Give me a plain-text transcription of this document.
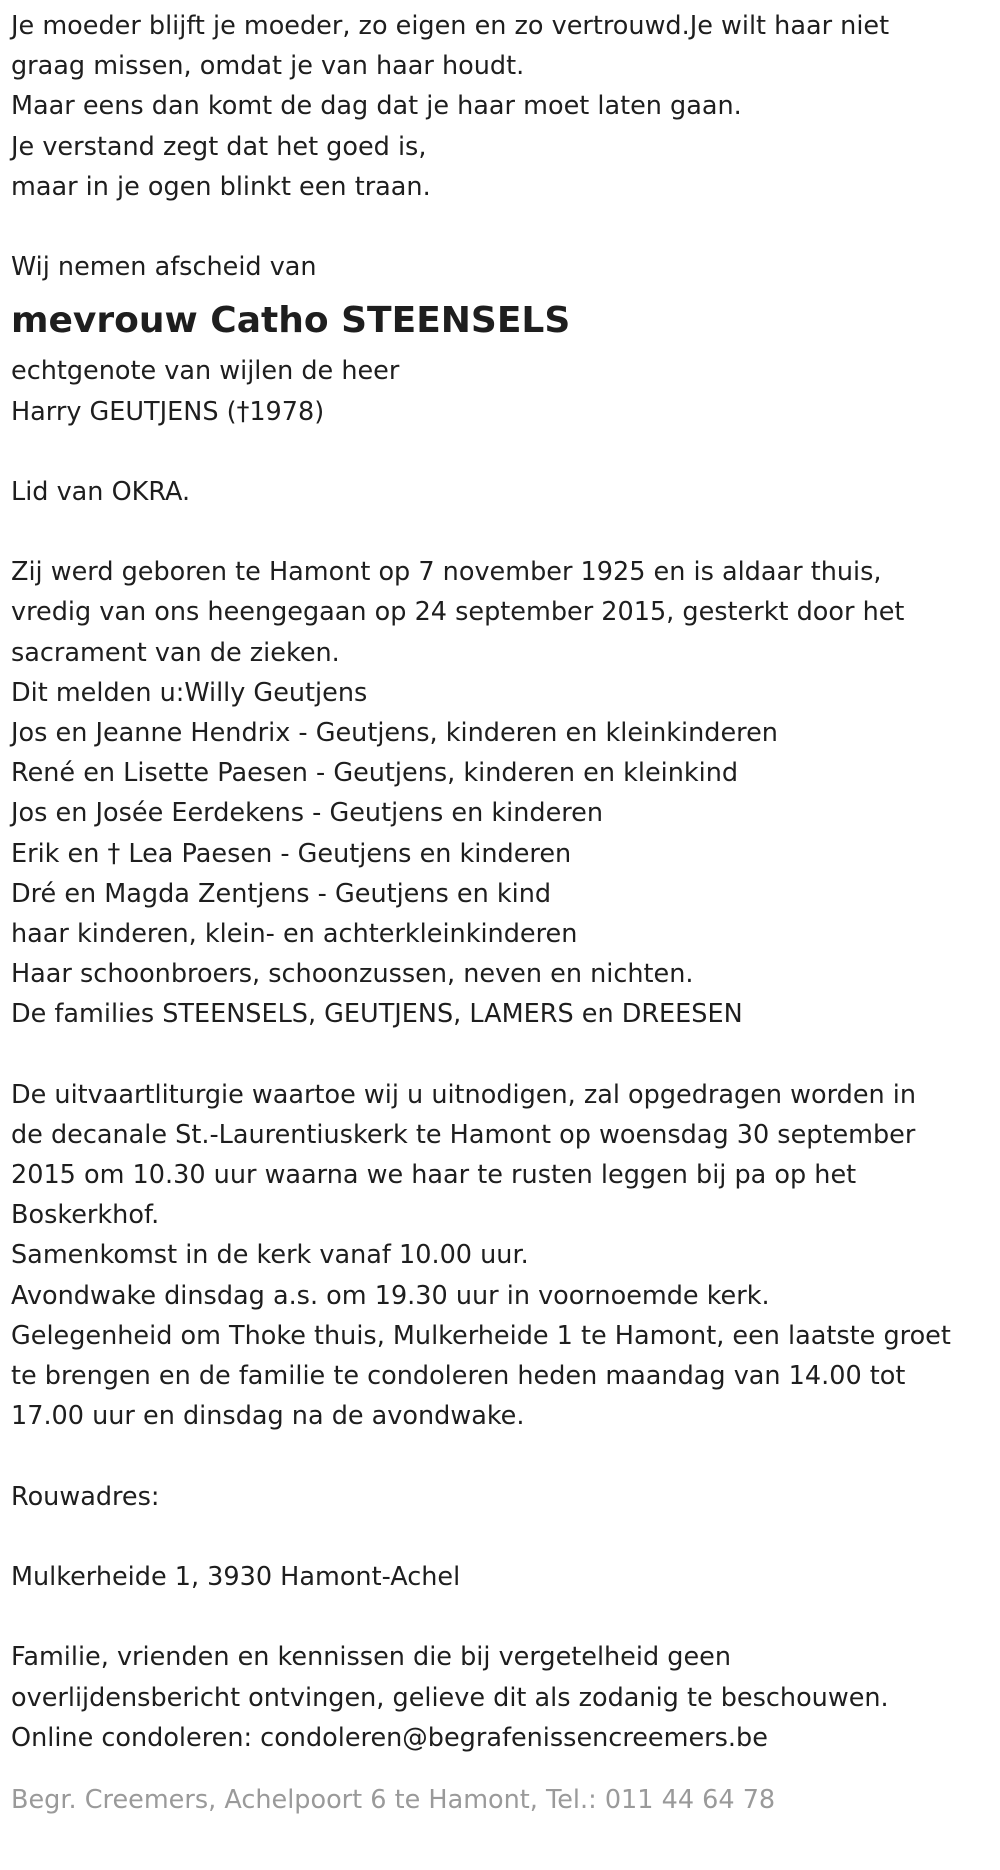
Je moeder blijft je moeder, zo eigen en zo vertrouwd.Je wilt haar niet
graag missen, omdat je van haar houdt.
Maar eens dan komt de dag dat je haar moet laten gaan.
Je verstand zegt dat het goed is,
maar in je ogen blinkt een traan.
Wij nemen afscheid van
mevrouw Catho STEENSELS
echtgenote van wijlen de heer
Harry GEUTJENS (†1978)
Lid van OKRA.
Zij werd geboren te Hamont op 7 november 1925 en is aldaar thuis,
vredig van ons heengegaan op 24 september 2015, gesterkt door het
sacrament van de zieken.
Dit melden u:Willy Geutjens
Jos en Jeanne Hendrix - Geutjens, kinderen en kleinkinderen
René en Lisette Paesen - Geutjens, kinderen en kleinkind
Jos en Josée Eerdekens - Geutjens en kinderen
Erik en † Lea Paesen - Geutjens en kinderen
Dré en Magda Zentjens - Geutjens en kind
haar kinderen, klein- en achterkleinkinderen
Haar schoonbroers, schoonzussen, neven en nichten.
De families STEENSELS, GEUTJENS, LAMERS en DREESEN
De uitvaartliturgie waartoe wij u uitnodigen, zal opgedragen worden in
de decanale St.-Laurentiuskerk te Hamont op woensdag 30 september
2015 om 10.30 uur waarna we haar te rusten leggen bij pa op het
Boskerkhof.
Samenkomst in de kerk vanaf 10.00 uur.
Avondwake dinsdag a.s. om 19.30 uur in voornoemde kerk.
Gelegenheid om Thoke thuis, Mulkerheide 1 te Hamont, een laatste groet
te brengen en de familie te condoleren heden maandag van 14.00 tot
17.00 uur en dinsdag na de avondwake.
Rouwadres:
Mulkerheide 1, 3930 Hamont-Achel
Familie, vrienden en kennissen die bij vergetelheid geen
overlijdensbericht ontvingen, gelieve dit als zodanig te beschouwen.
Online condoleren: condoleren@begrafenissencreemers.be
Begr. Creemers, Achelpoort 6 te Hamont, Tel.: 011 44 64 78
